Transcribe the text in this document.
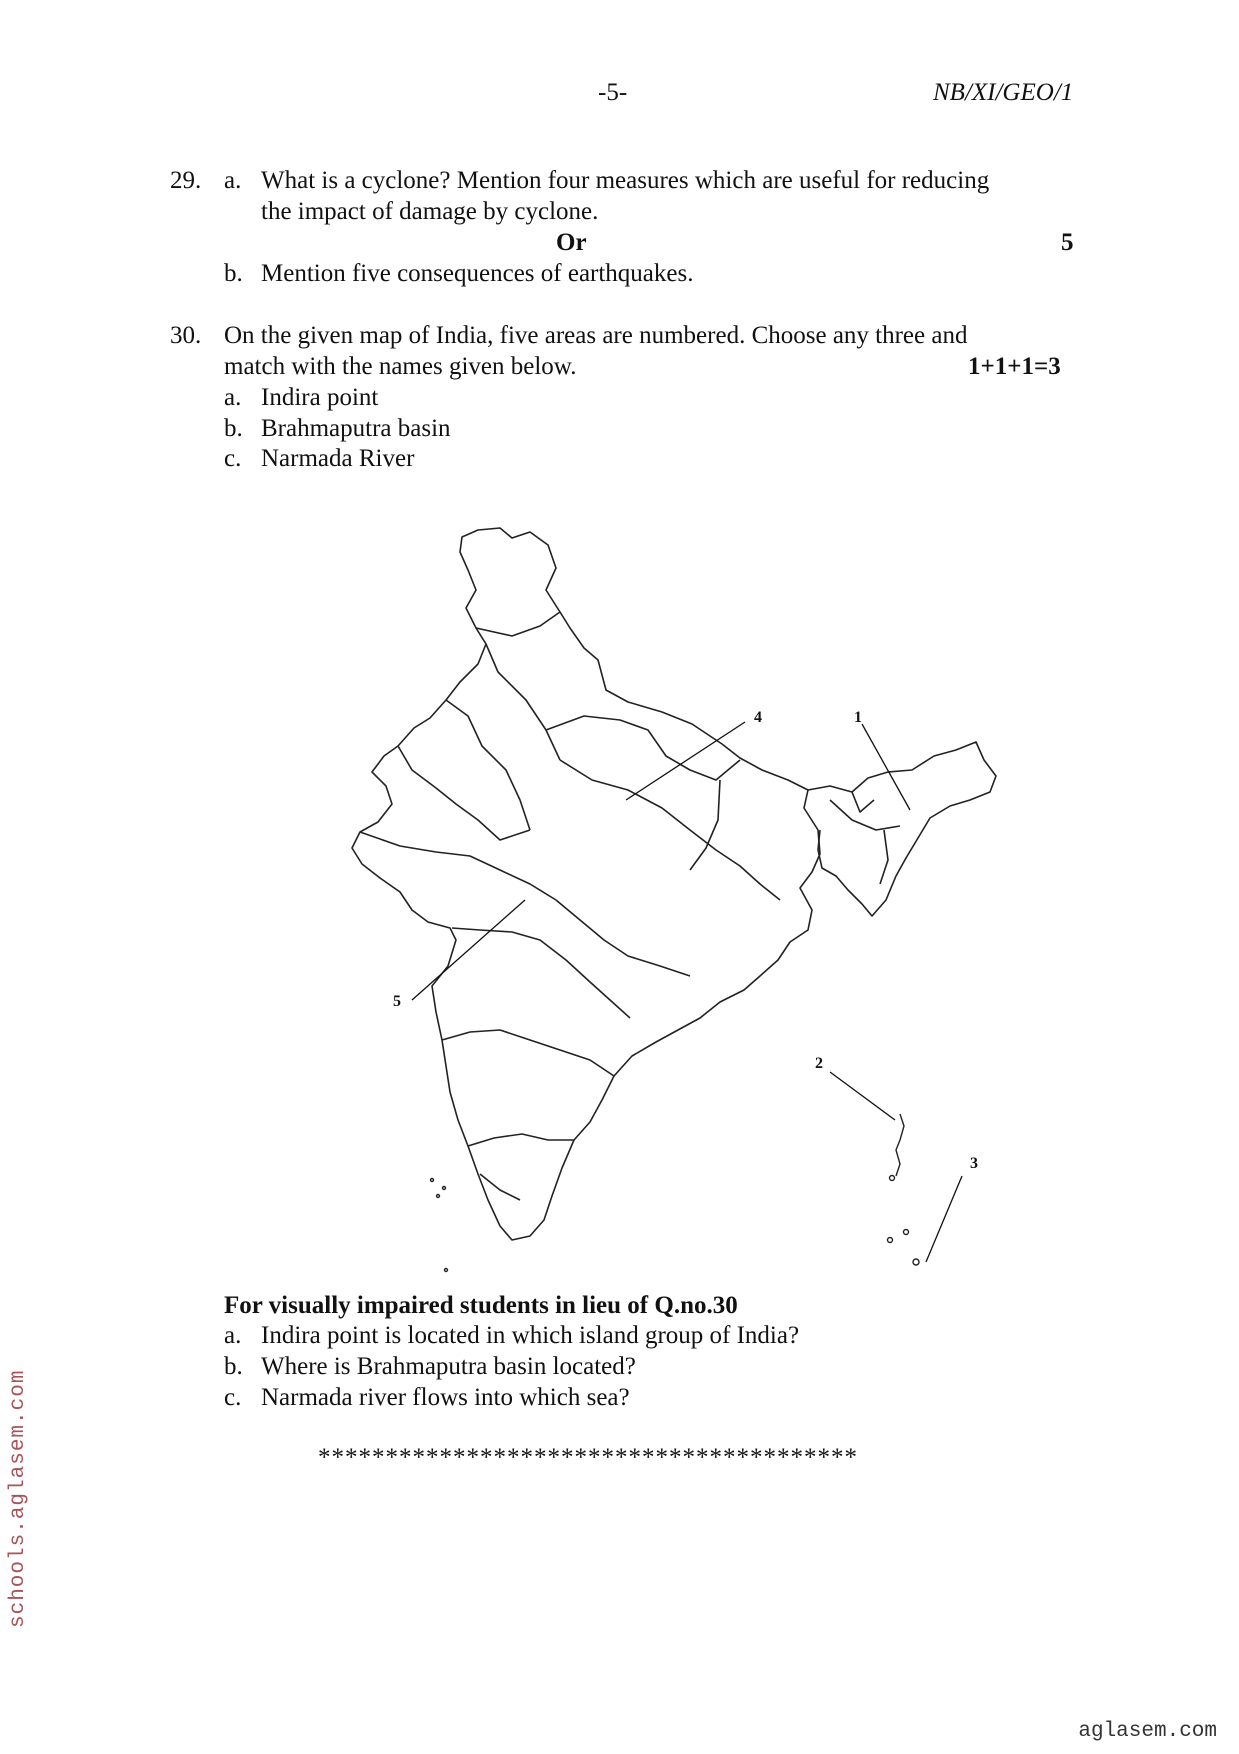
-5-	NB/XI/GEO/1
29. a. What is a cyclone? Mention four measures which are useful for reducing
the impact of damage by cyclone.
Or	5
b. Mention five consequences of earthquakes.
30. On the given map of India, five areas are numbered. Choose any three and
match with the names given below.	1+1+1=3
a. Indira point
b. Brahmaputra basin
c. Narmada River
1
2
3
4
5
For visually impaired students in lieu of Q.no.30
a. Indira point is located in which island group of India?
b. Where is Brahmaputra basin located?
c. Narmada river flows into which sea?
****************************************
schools.aglasem.com
aglasem.com
